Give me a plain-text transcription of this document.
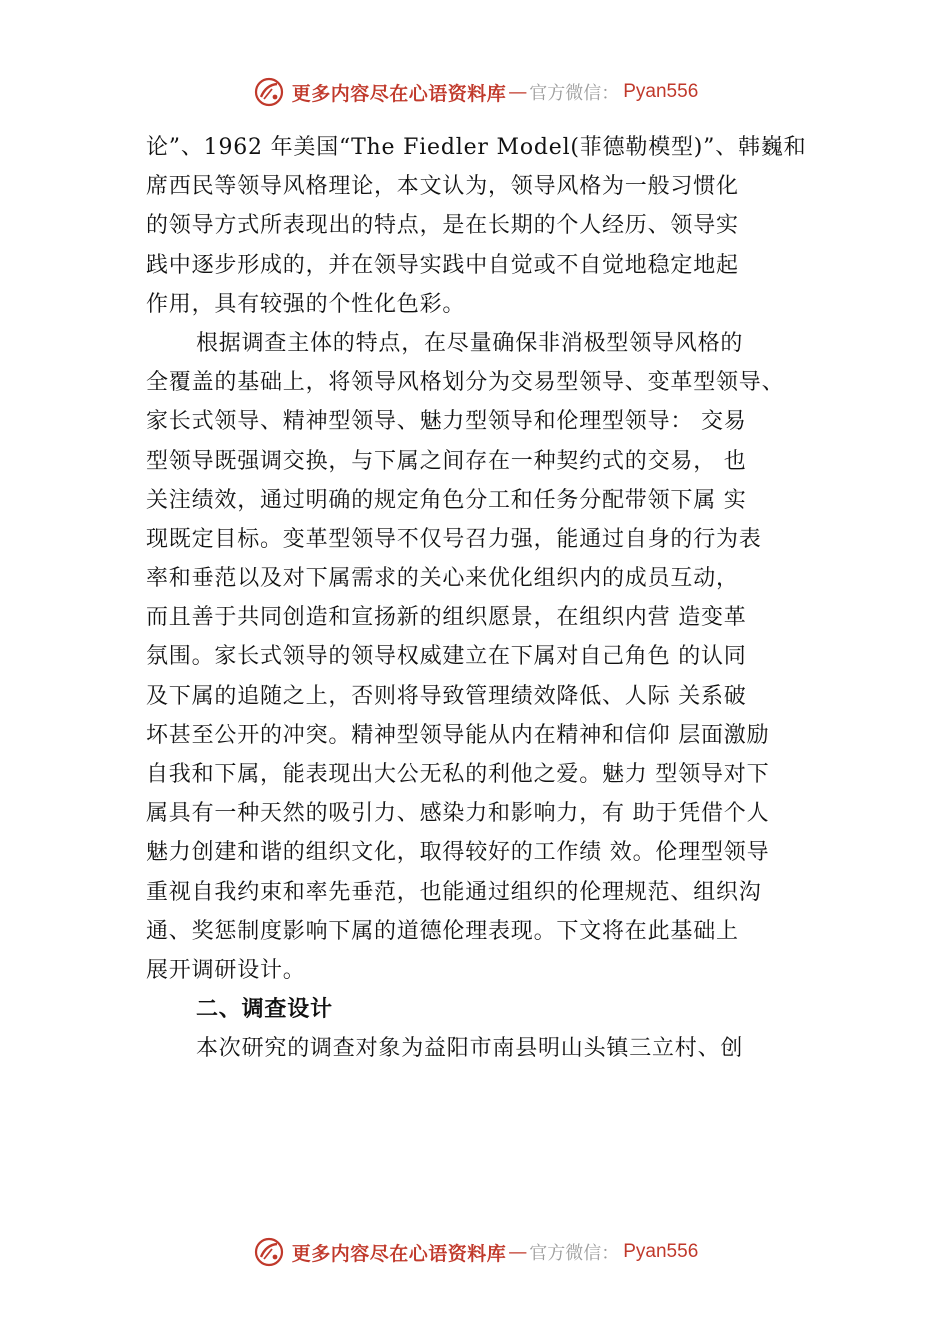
更多内容尽在心语资料库 — 官方微信： Pyan556
论”、1962 年美国“The Fiedler Model(菲德勒模型)”、韩巍和
席西民等领导风格理论，本文认为，领导风格为一般习惯化
的领导方式所表现出的特点，是在长期的个人经历、领导实
践中逐步形成的，并在领导实践中自觉或不自觉地稳定地起
作用，具有较强的个性化色彩。
根据调查主体的特点，在尽量确保非消极型领导风格的
全覆盖的基础上，将领导风格划分为交易型领导、变革型领导、
家长式领导、精神型领导、魅力型领导和伦理型领导： 交易
型领导既强调交换，与下属之间存在一种契约式的交易， 也
关注绩效，通过明确的规定角色分工和任务分配带领下属 实
现既定目标。变革型领导不仅号召力强，能通过自身的行为表
率和垂范以及对下属需求的关心来优化组织内的成员互动，
而且善于共同创造和宣扬新的组织愿景，在组织内营 造变革
氛围。家长式领导的领导权威建立在下属对自己角色 的认同
及下属的追随之上，否则将导致管理绩效降低、人际 关系破
坏甚至公开的冲突。精神型领导能从内在精神和信仰 层面激励
自我和下属，能表现出大公无私的利他之爱。魅力 型领导对下
属具有一种天然的吸引力、感染力和影响力，有 助于凭借个人
魅力创建和谐的组织文化，取得较好的工作绩 效。伦理型领导
重视自我约束和率先垂范，也能通过组织的伦理规范、组织沟
通、奖惩制度影响下属的道德伦理表现。下文将在此基础上
展开调研设计。
二、调查设计
本次研究的调查对象为益阳市南县明山头镇三立村、创
更多内容尽在心语资料库 — 官方微信： Pyan556
